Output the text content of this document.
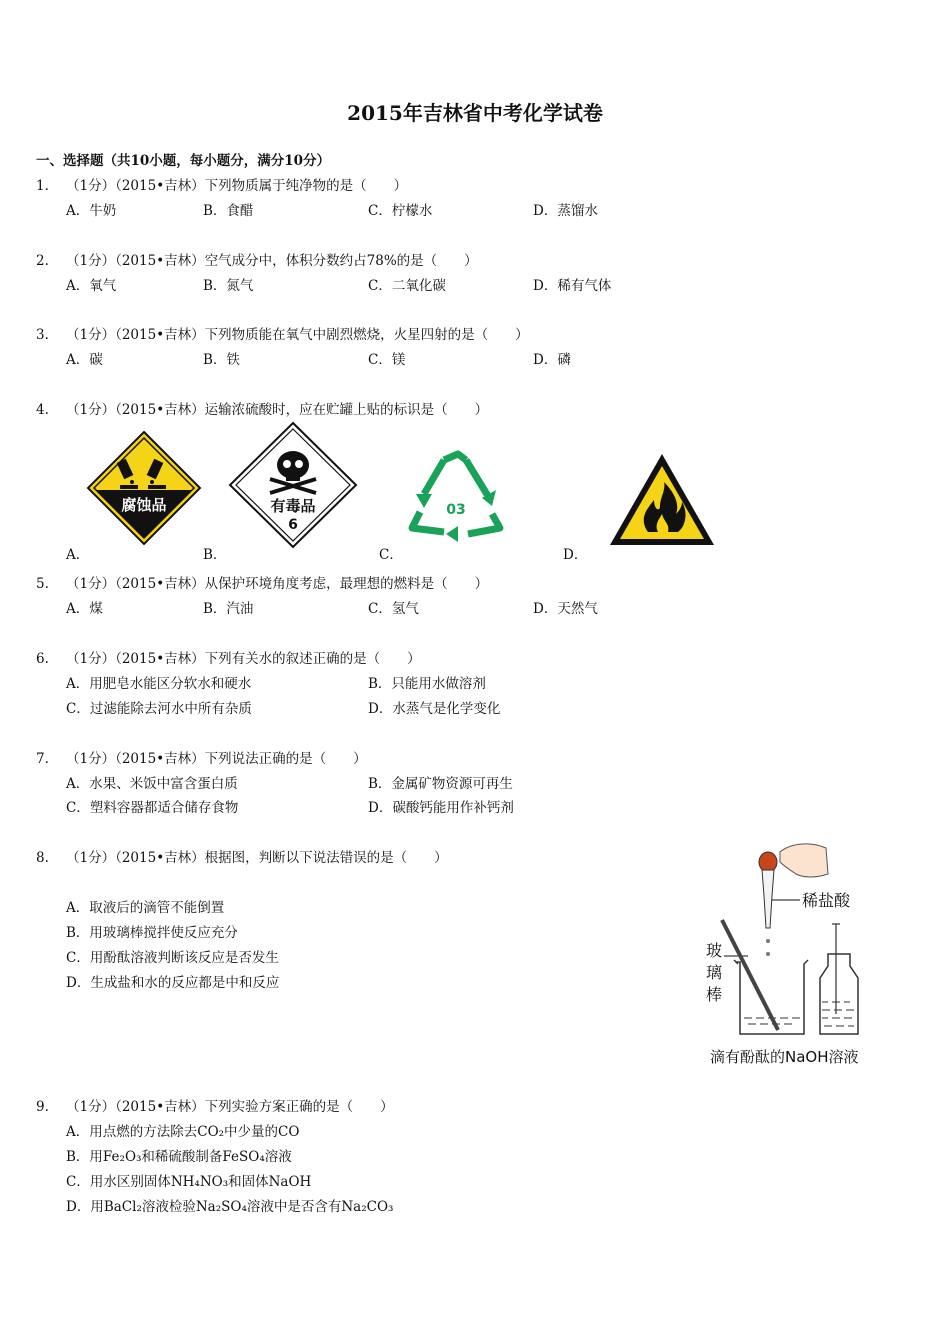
2015年吉林省中考化学试卷
一、选择题（共10小题，每小题分，满分10分）
1. （1分）（2015•吉林）下列物质属于纯净物的是（　　）
A．牛奶	B．食醋	C．柠檬水	D．蒸馏水
2. （1分）（2015•吉林）空气成分中，体积分数约占78%的是（　　）
A．氧气	B．氮气	C．二氧化碳	D．稀有气体
3. （1分）（2015•吉林）下列物质能在氧气中剧烈燃烧，火星四射的是（　　）
A．碳	B．铁	C．镁	D．磷
4. （1分）（2015•吉林）运输浓硫酸时，应在贮罐上贴的标识是（　　）
腐蚀品	有毒品
6
03
A．	B．	C．	D．
5. （1分）（2015•吉林）从保护环境角度考虑，最理想的燃料是（　　）
A．煤	B．汽油	C．氢气	D．天然气
6. （1分）（2015•吉林）下列有关水的叙述正确的是（　　）
A．用肥皂水能区分软水和硬水	B．只能用水做溶剂
C．过滤能除去河水中所有杂质	D．水蒸气是化学变化
7. （1分）（2015•吉林）下列说法正确的是（　　）
A．水果、米饭中富含蛋白质	B．金属矿物资源可再生
C．塑料容器都适合储存食物	D．碳酸钙能用作补钙剂
8. （1分）（2015•吉林）根据图，判断以下说法错误的是（　　）
A．取液后的滴管不能倒置
B．用玻璃棒搅拌使反应充分
C．用酚酞溶液判断该反应是否发生
D．生成盐和水的反应都是中和反应
稀盐酸
玻
璃
棒
滴有酚酞的NaOH溶液
9. （1分）（2015•吉林）下列实验方案正确的是（　　）
A．用点燃的方法除去CO₂中少量的CO
B．用Fe₂O₃和稀硫酸制备FeSO₄溶液
C．用水区别固体NH₄NO₃和固体NaOH
D．用BaCl₂溶液检验Na₂SO₄溶液中是否含有Na₂CO₃
